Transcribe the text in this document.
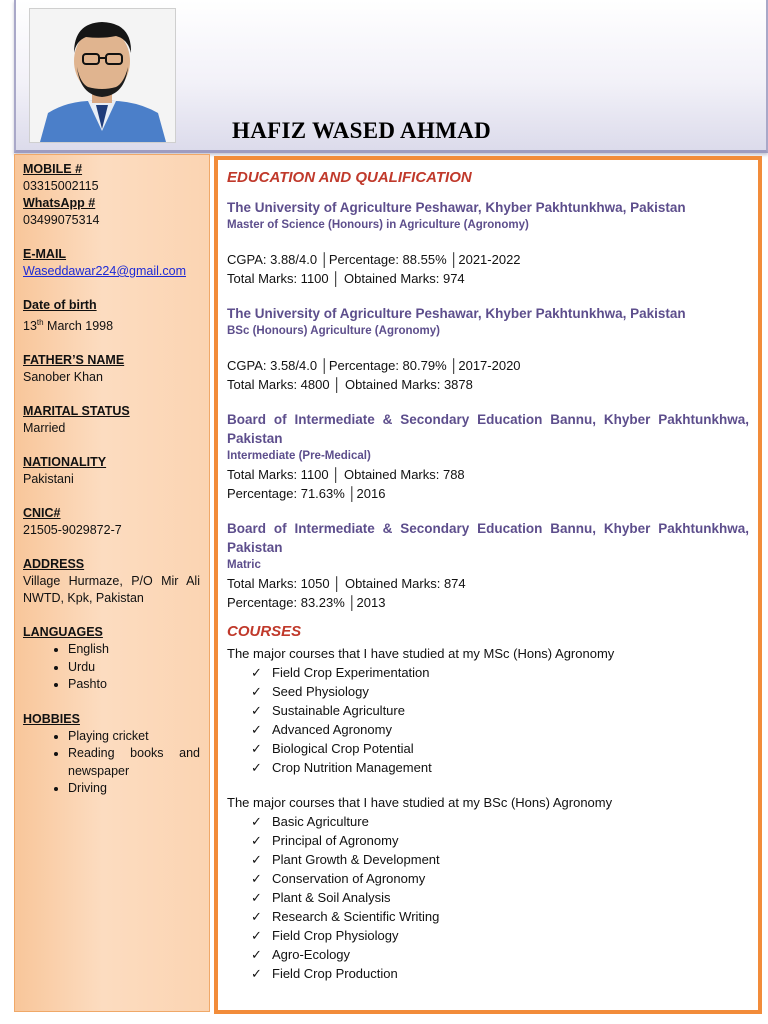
HAFIZ WASED AHMAD

MOBILE #

03315002115

WhatsApp #

03499075314

E-MAIL

Waseddawar224@gmail.com

Date of birth

13th March 1998

FATHER’S NAME

Sanober Khan

MARITAL STATUS

Married

NATIONALITY

Pakistani

CNIC#

21505-9029872-7

ADDRESS

Village Hurmaze, P/O Mir Ali NWTD, Kpk, Pakistan

LANGUAGES

• English
• Urdu
• Pashto

HOBBIES

• Playing cricket
• Reading books and newspaper
• Driving

EDUCATION AND QUALIFICATION

The University of Agriculture Peshawar, Khyber Pakhtunkhwa, Pakistan

Master of Science (Honours) in Agriculture (Agronomy)

CGPA: 3.88/4.0 │Percentage: 88.55% │2021-2022

Total Marks: 1100 │ Obtained Marks: 974

The University of Agriculture Peshawar, Khyber Pakhtunkhwa, Pakistan

BSc (Honours) Agriculture (Agronomy)

CGPA: 3.58/4.0 │Percentage: 80.79% │2017-2020

Total Marks: 4800 │ Obtained Marks: 3878

Board of Intermediate & Secondary Education Bannu, Khyber Pakhtunkhwa, Pakistan

Intermediate (Pre-Medical)

Total Marks: 1100 │ Obtained Marks: 788

Percentage: 71.63% │2016

Board of Intermediate & Secondary Education Bannu, Khyber Pakhtunkhwa, Pakistan

Matric

Total Marks: 1050 │ Obtained Marks: 874

Percentage: 83.23% │2013

COURSES

The major courses that I have studied at my MSc (Hons) Agronomy

✓ Field Crop Experimentation
✓ Seed Physiology
✓ Sustainable Agriculture
✓ Advanced Agronomy
✓ Biological Crop Potential
✓ Crop Nutrition Management

The major courses that I have studied at my BSc (Hons) Agronomy

✓ Basic Agriculture
✓ Principal of Agronomy
✓ Plant Growth & Development
✓ Conservation of Agronomy
✓ Plant & Soil Analysis
✓ Research & Scientific Writing
✓ Field Crop Physiology
✓ Agro-Ecology
✓ Field Crop Production
